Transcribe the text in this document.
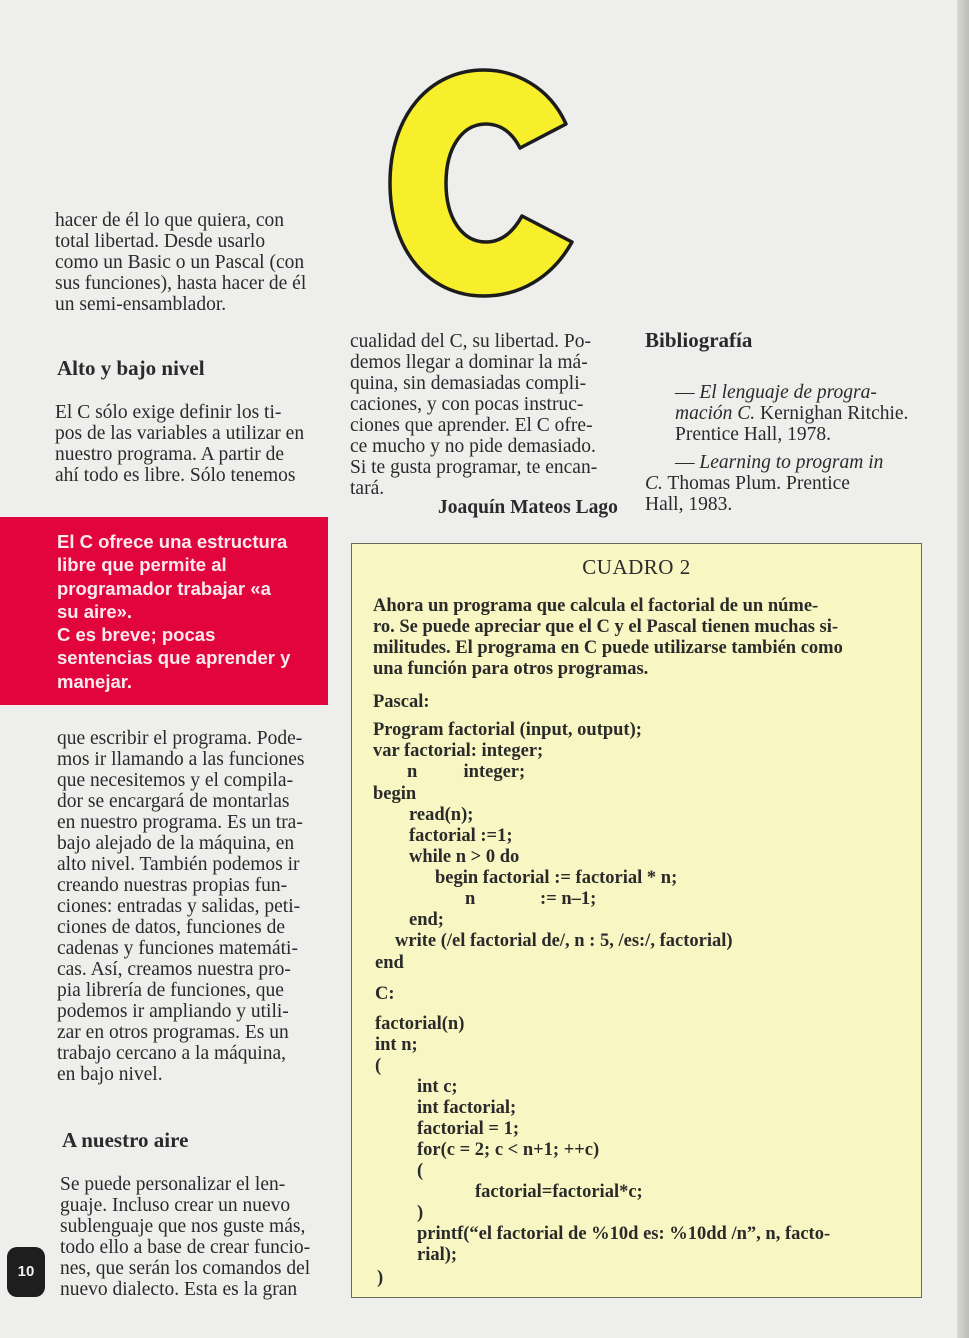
C

hacer de él lo que quiera, con
total libertad. Desde usarlo
como un Basic o un Pascal (con
sus funciones), hasta hacer de él
un semi-ensamblador.

Alto y bajo nivel

El C sólo exige definir los ti-
pos de las variables a utilizar en
nuestro programa. A partir de
ahí todo es libre. Sólo tenemos

El C ofrece una estructura
libre que permite al
programador trabajar «a
su aire».
C es breve; pocas
sentencias que aprender y
manejar.

que escribir el programa. Pode-
mos ir llamando a las funciones
que necesitemos y el compila-
dor se encargará de montarlas
en nuestro programa. Es un tra-
bajo alejado de la máquina, en
alto nivel. También podemos ir
creando nuestras propias fun-
ciones: entradas y salidas, peti-
ciones de datos, funciones de
cadenas y funciones matemáti-
cas. Así, creamos nuestra pro-
pia librería de funciones, que
podemos ir ampliando y utili-
zar en otros programas. Es un
trabajo cercano a la máquina,
en bajo nivel.

A nuestro aire

Se puede personalizar el len-
guaje. Incluso crear un nuevo
sublenguaje que nos guste más,
todo ello a base de crear funcio-
nes, que serán los comandos del
nuevo dialecto. Esta es la gran

cualidad del C, su libertad. Po-
demos llegar a dominar la má-
quina, sin demasiadas compli-
caciones, y con pocas instruc-
ciones que aprender. El C ofre-
ce mucho y no pide demasiado.
Si te gusta programar, te encan-
tará.

Joaquín Mateos Lago

Bibliografía

— El lenguaje de progra-
mación C. Kernighan Ritchie.
Prentice Hall, 1978.

— Learning to program in
C. Thomas Plum. Prentice
Hall, 1983.

CUADRO 2

Ahora un programa que calcula el factorial de un núme-
ro. Se puede apreciar que el C y el Pascal tienen muchas si-
militudes. El programa en C puede utilizarse también como
una función para otros programas.

Pascal:

Program factorial (input, output);

var factorial: integer;

n          integer;

begin

read(n);

factorial :=1;

while n > 0 do

begin factorial := factorial * n;

n              := n–1;

end;

write (/el factorial de/, n : 5, /es:/, factorial)

end

C:

factorial(n)

int n;

(

int c;

int factorial;

factorial = 1;

for(c = 2; c < n+1; ++c)

(

factorial=factorial*c;

)

printf(“el factorial de %10d es: %10dd /n”, n, facto-

rial);

)

10
